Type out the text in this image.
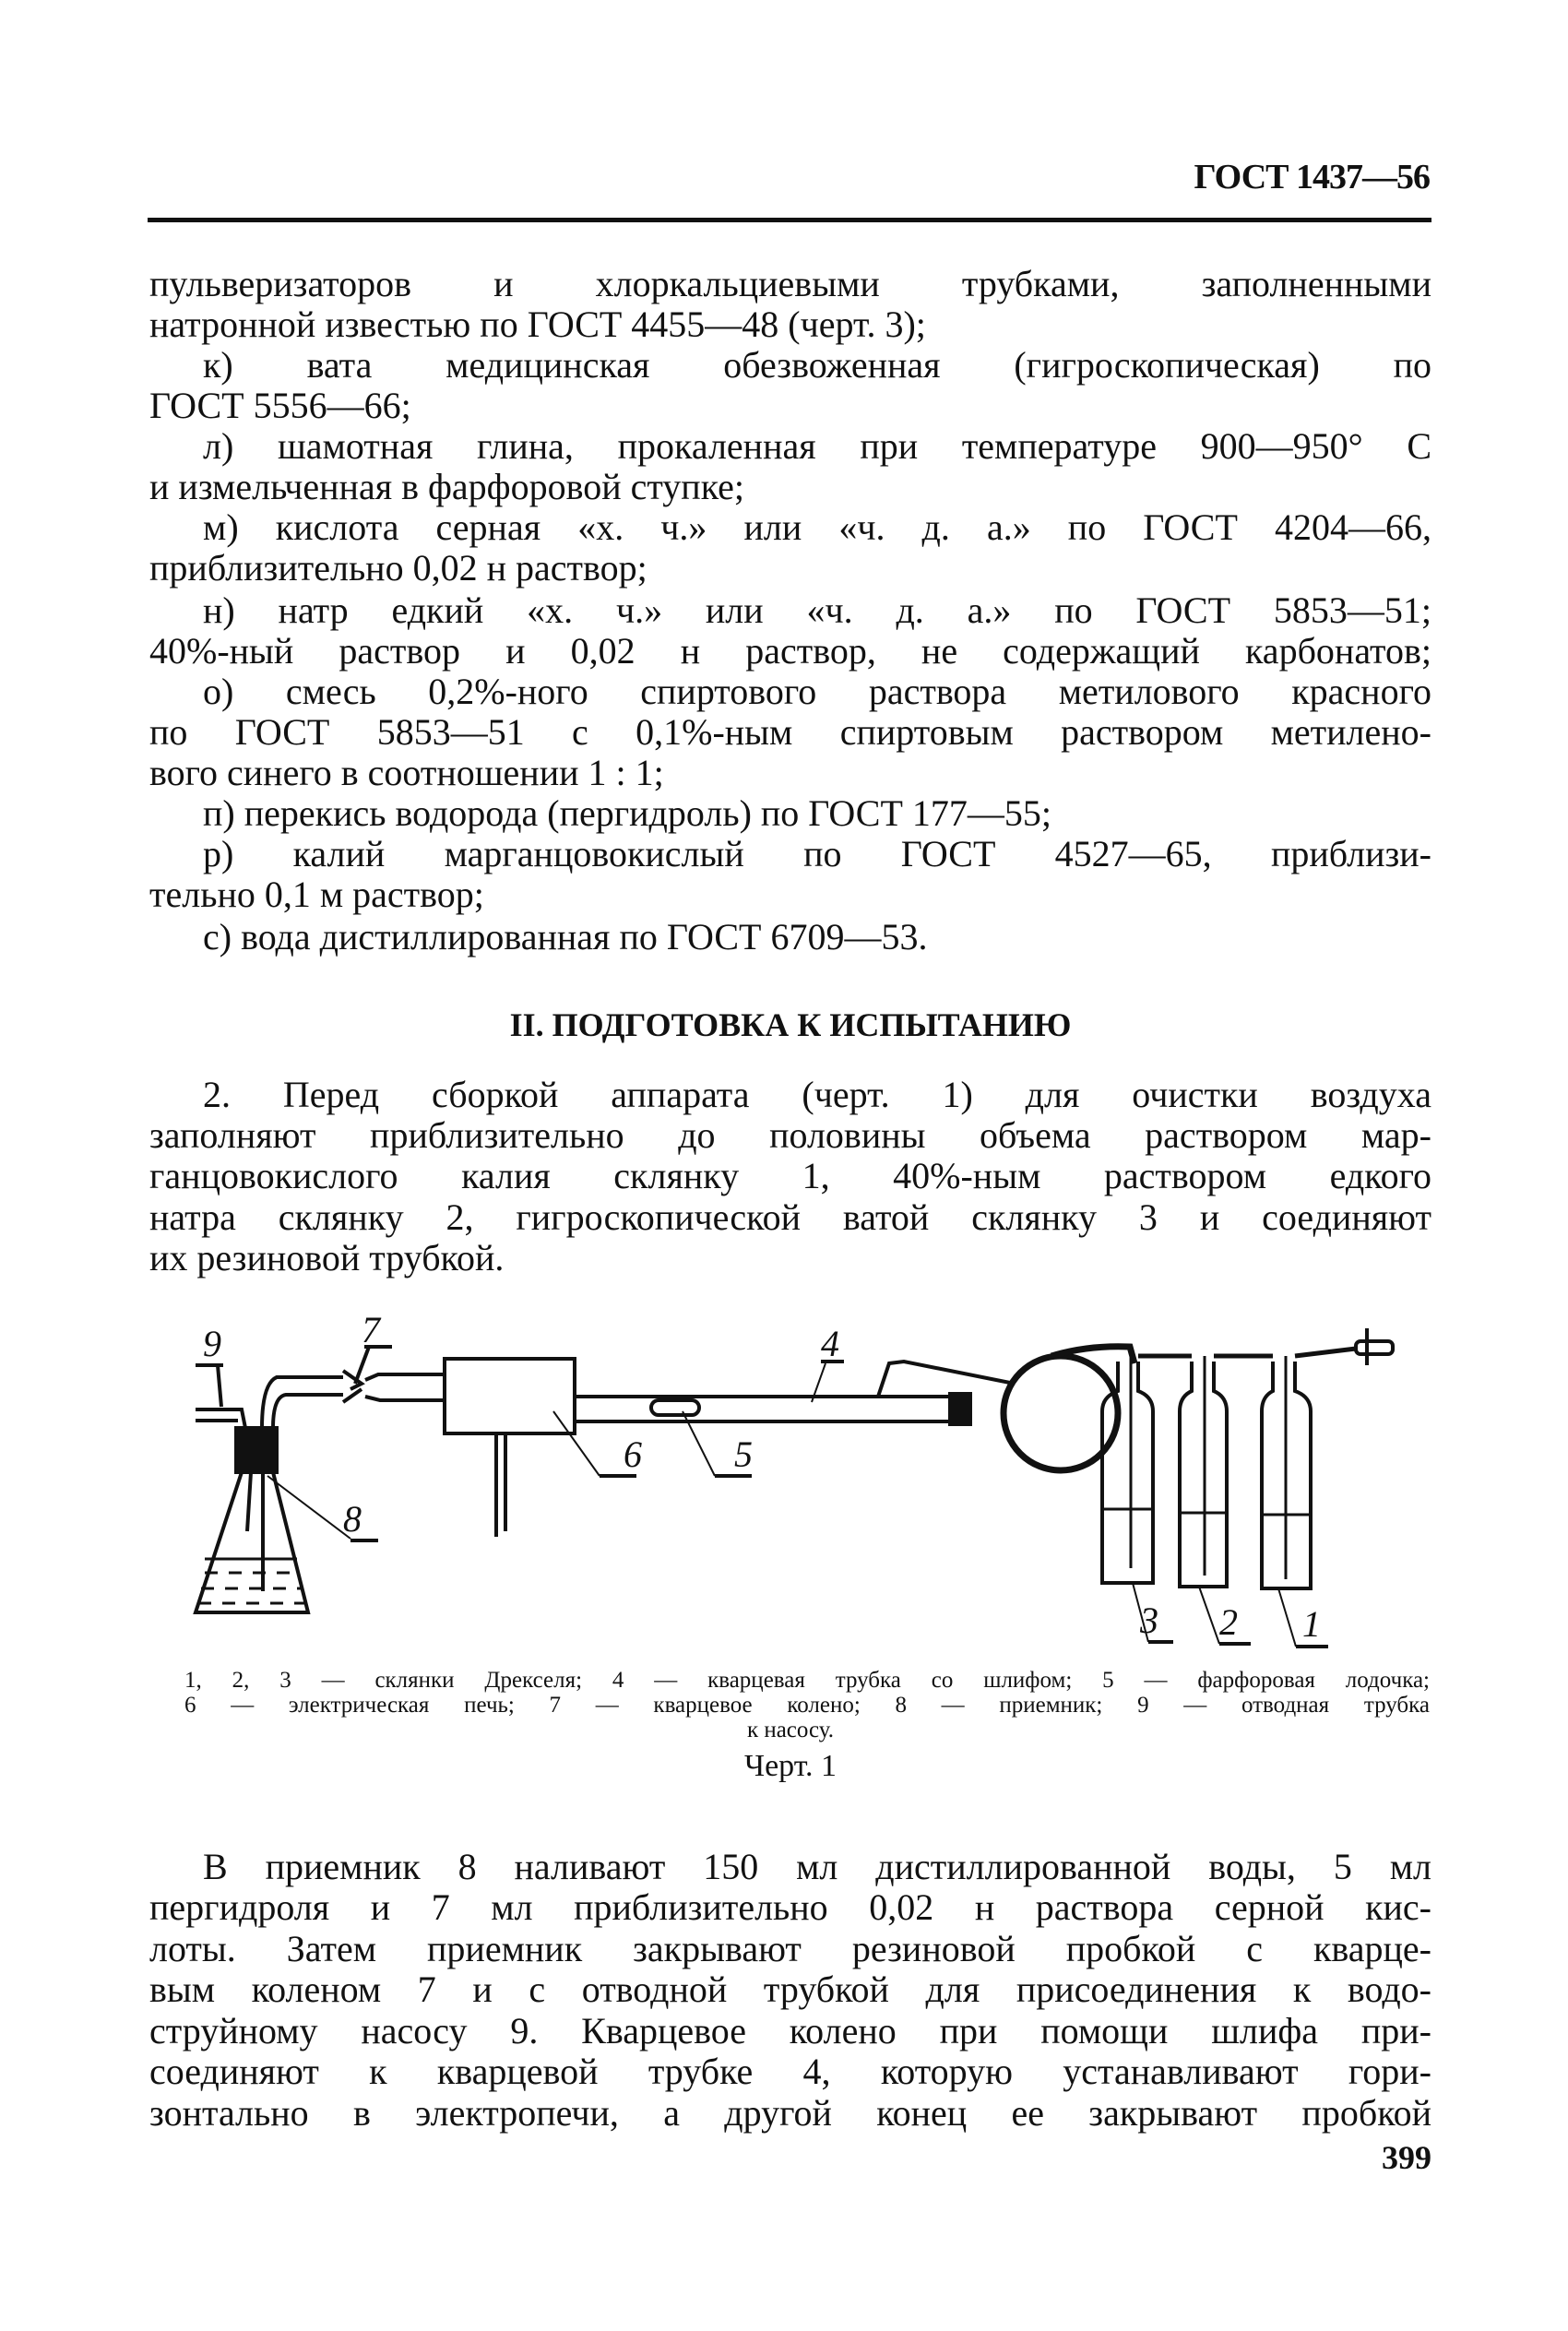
ГОСТ 1437—56
пульверизаторов и хлоркальциевыми трубками, заполненными
натронной известью по ГОСТ 4455—48 (черт. 3);
к) вата медицинская обезвоженная (гигроскопическая) по
ГОСТ 5556—66;
л) шамотная глина, прокаленная при температуре 900—950° С
и измельченная в фарфоровой ступке;
м) кислота серная «х. ч.» или «ч. д. а.» по ГОСТ 4204—66,
приблизительно 0,02 н раствор;
н) натр едкий «х. ч.» или «ч. д. а.» по ГОСТ 5853—51;
40%-ный раствор и 0,02 н раствор, не содержащий карбонатов;
о) смесь 0,2%-ного спиртового раствора метилового красного
по ГОСТ 5853—51 с 0,1%-ным спиртовым раствором метилено-
вого синего в соотношении 1 : 1;
п) перекись водорода (пергидроль) по ГОСТ 177—55;
р) калий марганцовокислый по ГОСТ 4527—65, приблизи-
тельно 0,1 м раствор;
с) вода дистиллированная по ГОСТ 6709—53.
II. ПОДГОТОВКА К ИСПЫТАНИЮ
2. Перед сборкой аппарата (черт. 1) для очистки воздуха
заполняют приблизительно до половины объема раствором мар-
ганцовокислого калия склянку 1, 40%-ным раствором едкого
натра склянку 2, гигроскопической ватой склянку 3 и соединяют
их резиновой трубкой.
9	7	4
5
6
8
3 2 1
1, 2, 3 — склянки Дрекселя; 4 — кварцевая трубка со шлифом; 5 — фарфоровая лодочка;
6 — электрическая печь; 7 — кварцевое колено; 8 — приемник; 9 — отводная трубка
к насосу.
Черт. 1
В приемник 8 наливают 150 мл дистиллированной воды, 5 мл
пергидроля и 7 мл приблизительно 0,02 н раствора серной кис-
лоты. Затем приемник закрывают резиновой пробкой с кварце-
вым коленом 7 и с отводной трубкой для присоединения к водо-
струйному насосу 9. Кварцевое колено при помощи шлифа при-
соединяют к кварцевой трубке 4, которую устанавливают гори-
зонтально в электропечи, а другой конец ее закрывают пробкой
399
